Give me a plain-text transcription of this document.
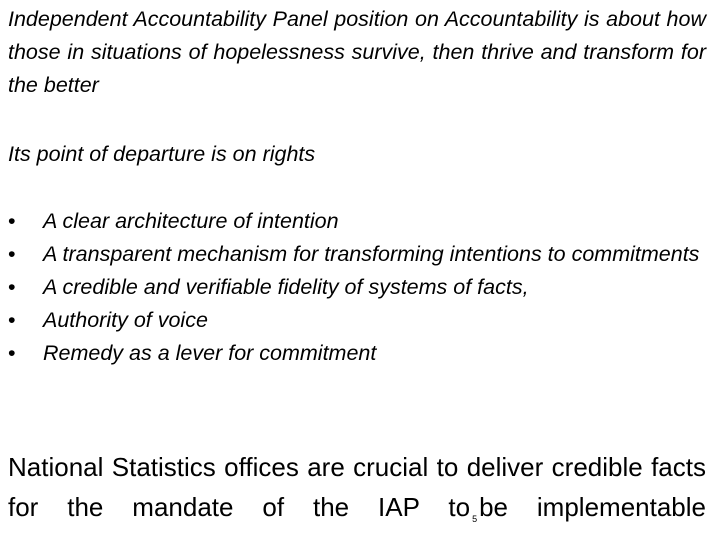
Independent Accountability Panel position on Accountability is about how those in situations of hopelessness survive, then thrive and transform for the better

Its point of departure is on rights

•	A clear architecture of intention
•	A transparent mechanism for transforming intentions to commitments
•	A credible and verifiable fidelity of systems of facts,
•	Authority of voice
•	Remedy as a lever for commitment

National Statistics offices are crucial to deliver credible facts for the mandate of the IAP to $_5$be implementable
